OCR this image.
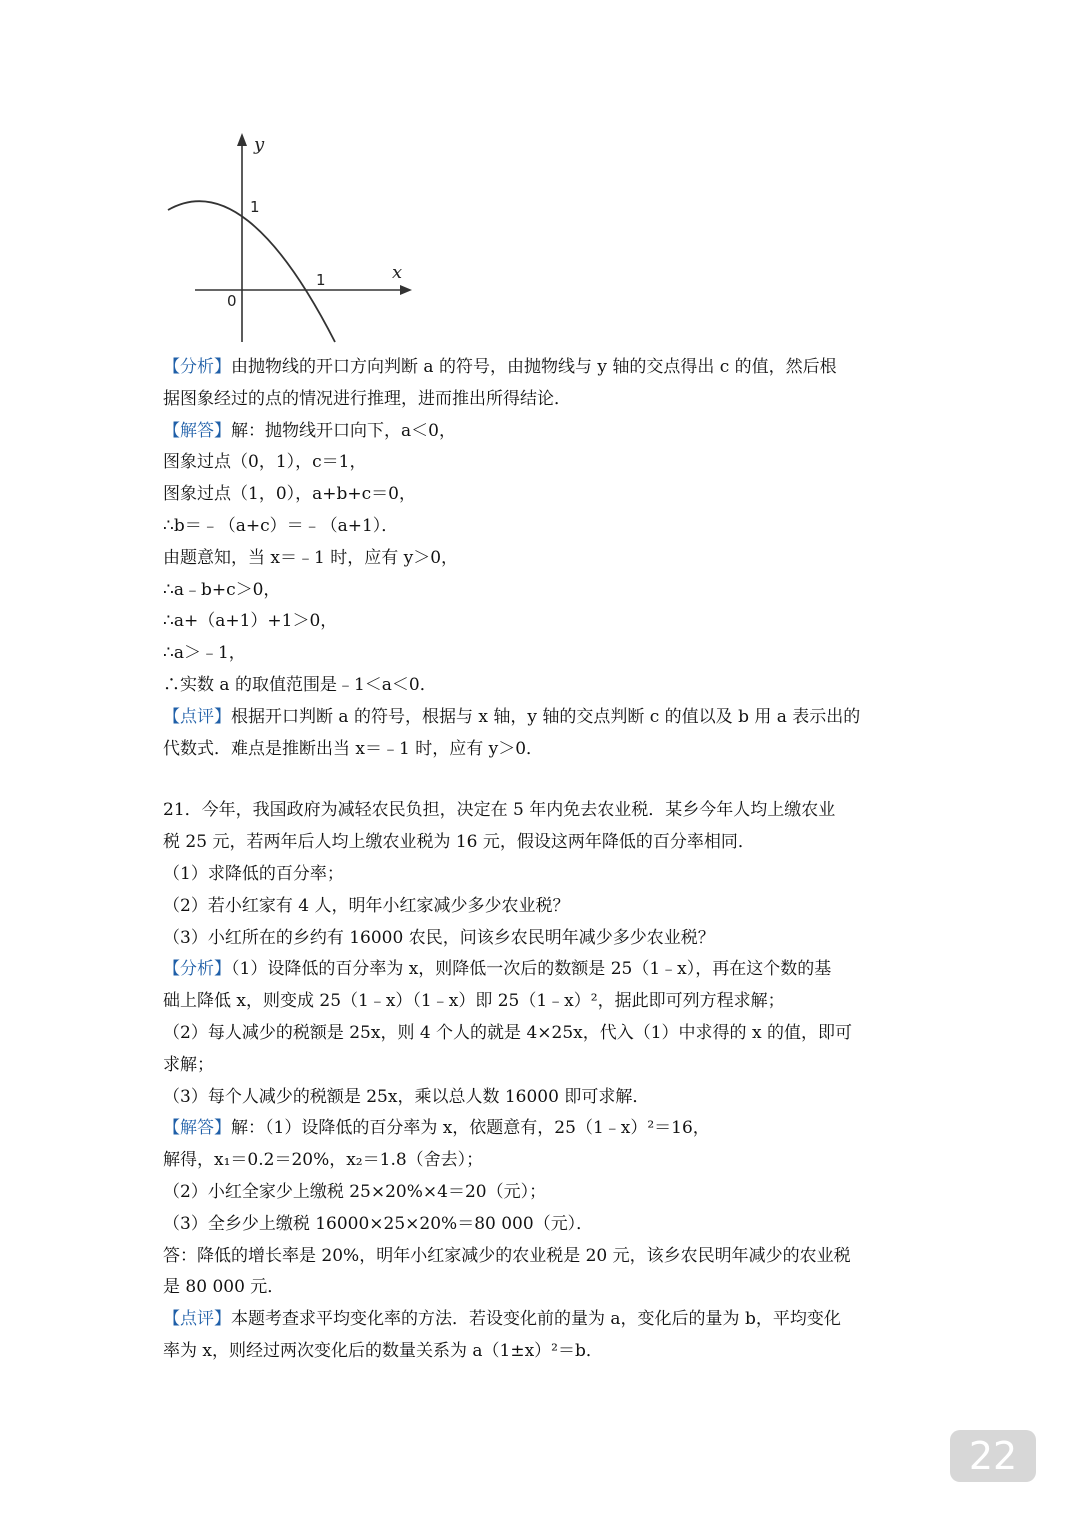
y
x
0
1
1
【分析】由抛物线的开口方向判断 a 的符号，由抛物线与 y 轴的交点得出 c 的值，然后根
据图象经过的点的情况进行推理，进而推出所得结论．
【解答】解：抛物线开口向下，a＜0，
图象过点（0，1），c＝1，
图象过点（1，0），a+b+c＝0，
∴b＝﹣（a+c）＝﹣（a+1）．
由题意知，当 x＝﹣1 时，应有 y＞0，
∴a﹣b+c＞0，
∴a+（a+1）+1＞0，
∴a＞﹣1，
∴实数 a 的取值范围是﹣1＜a＜0．
【点评】根据开口判断 a 的符号，根据与 x 轴，y 轴的交点判断 c 的值以及 b 用 a 表示出的
代数式．难点是推断出当 x＝﹣1 时，应有 y＞0．
21．今年，我国政府为减轻农民负担，决定在 5 年内免去农业税．某乡今年人均上缴农业
税 25 元，若两年后人均上缴农业税为 16 元，假设这两年降低的百分率相同．
（1）求降低的百分率；
（2）若小红家有 4 人，明年小红家减少多少农业税？
（3）小红所在的乡约有 16000 农民，问该乡农民明年减少多少农业税？
【分析】（1）设降低的百分率为 x，则降低一次后的数额是 25（1﹣x），再在这个数的基
础上降低 x，则变成 25（1﹣x）（1﹣x）即 25（1﹣x）²，据此即可列方程求解；
（2）每人减少的税额是 25x，则 4 个人的就是 4×25x，代入（1）中求得的 x 的值，即可
求解；
（3）每个人减少的税额是 25x，乘以总人数 16000 即可求解．
【解答】解：（1）设降低的百分率为 x，依题意有，25（1﹣x）²＝16，
解得，x₁＝0.2＝20%，x₂＝1.8（舍去）；
（2）小红全家少上缴税 25×20%×4＝20（元）；
（3）全乡少上缴税 16000×25×20%＝80 000（元）．
答：降低的增长率是 20%，明年小红家减少的农业税是 20 元，该乡农民明年减少的农业税
是 80 000 元．
【点评】本题考查求平均变化率的方法．若设变化前的量为 a，变化后的量为 b，平均变化
率为 x，则经过两次变化后的数量关系为 a（1±x）²＝b．
22
